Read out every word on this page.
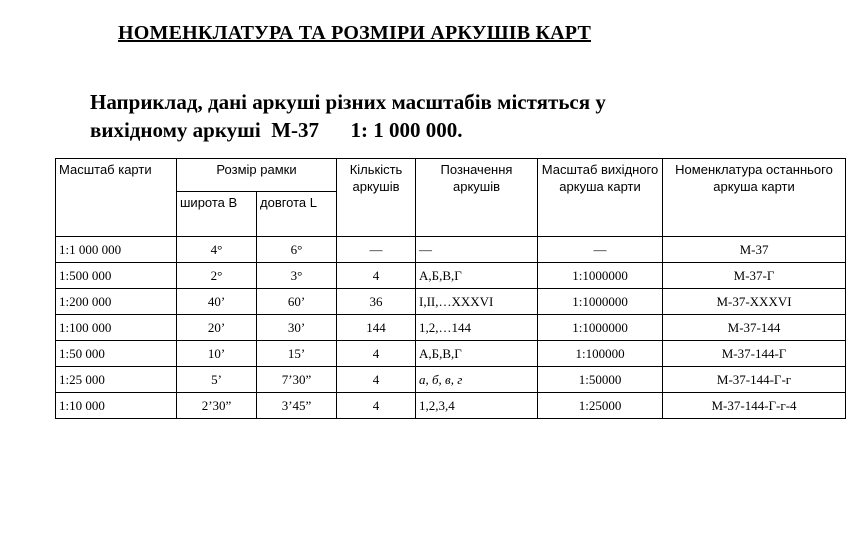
НОМЕНКЛАТУРА ТА РОЗМІРИ АРКУШІВ КАРТ
Наприклад, дані аркуші різних масштабів містяться у
вихідному аркуші  М-37      1: 1 000 000.
Масштаб карти	Розмір рамки		Кількість аркушів	Позначення аркушів	Масштаб вихідного аркуша карти	Номенклатура останнього аркуша карти
	широта B	довгота L				
1:1 000 000	4°	6°	––	––	––	М-37
1:500 000	2°	3°	4	А,Б,В,Г	1:1000000	М-37-Г
1:200 000	40’	60’	36	І,ІІ,…XXXVI	1:1000000	М-37-XXXVI
1:100 000	20’	30’	144	1,2,…144	1:1000000	М-37-144
1:50 000	10’	15’	4	А,Б,В,Г	1:100000	М-37-144-Г
1:25 000	5’	7’30”	4	а, б, в, г	1:50000	М-37-144-Г-г
1:10 000	2’30”	3’45”	4	1,2,3,4	1:25000	М-37-144-Г-г-4
